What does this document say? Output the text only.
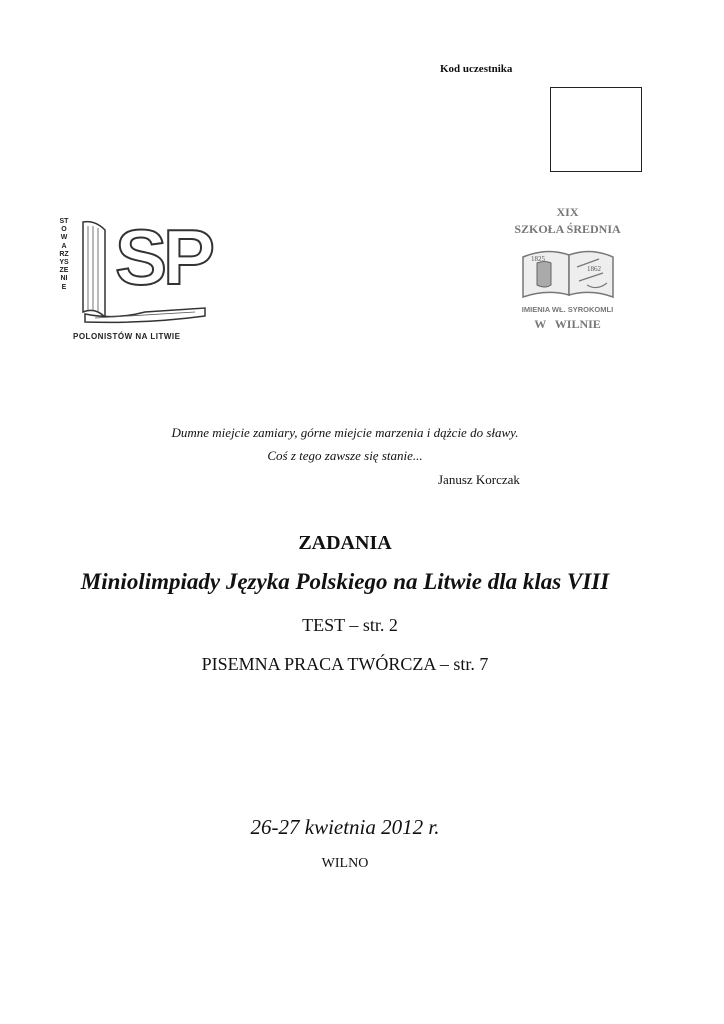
Kod uczestnika
STOWARZYSZENIE SP
POLONISTÓW NA LITWIE
XIX
SZKOŁA ŚREDNIA
1825
1862
IMIENIA WŁ. SYROKOMLI
W WILNIE
Dumne miejcie zamiary, górne miejcie marzenia i dążcie do sławy.
Coś z tego zawsze się stanie...
Janusz Korczak
ZADANIA
Miniolimpiady Języka Polskiego na Litwie dla klas VIII
TEST – str. 2
PISEMNA PRACA TWÓRCZA – str. 7
26-27 kwietnia 2012 r.
WILNO
